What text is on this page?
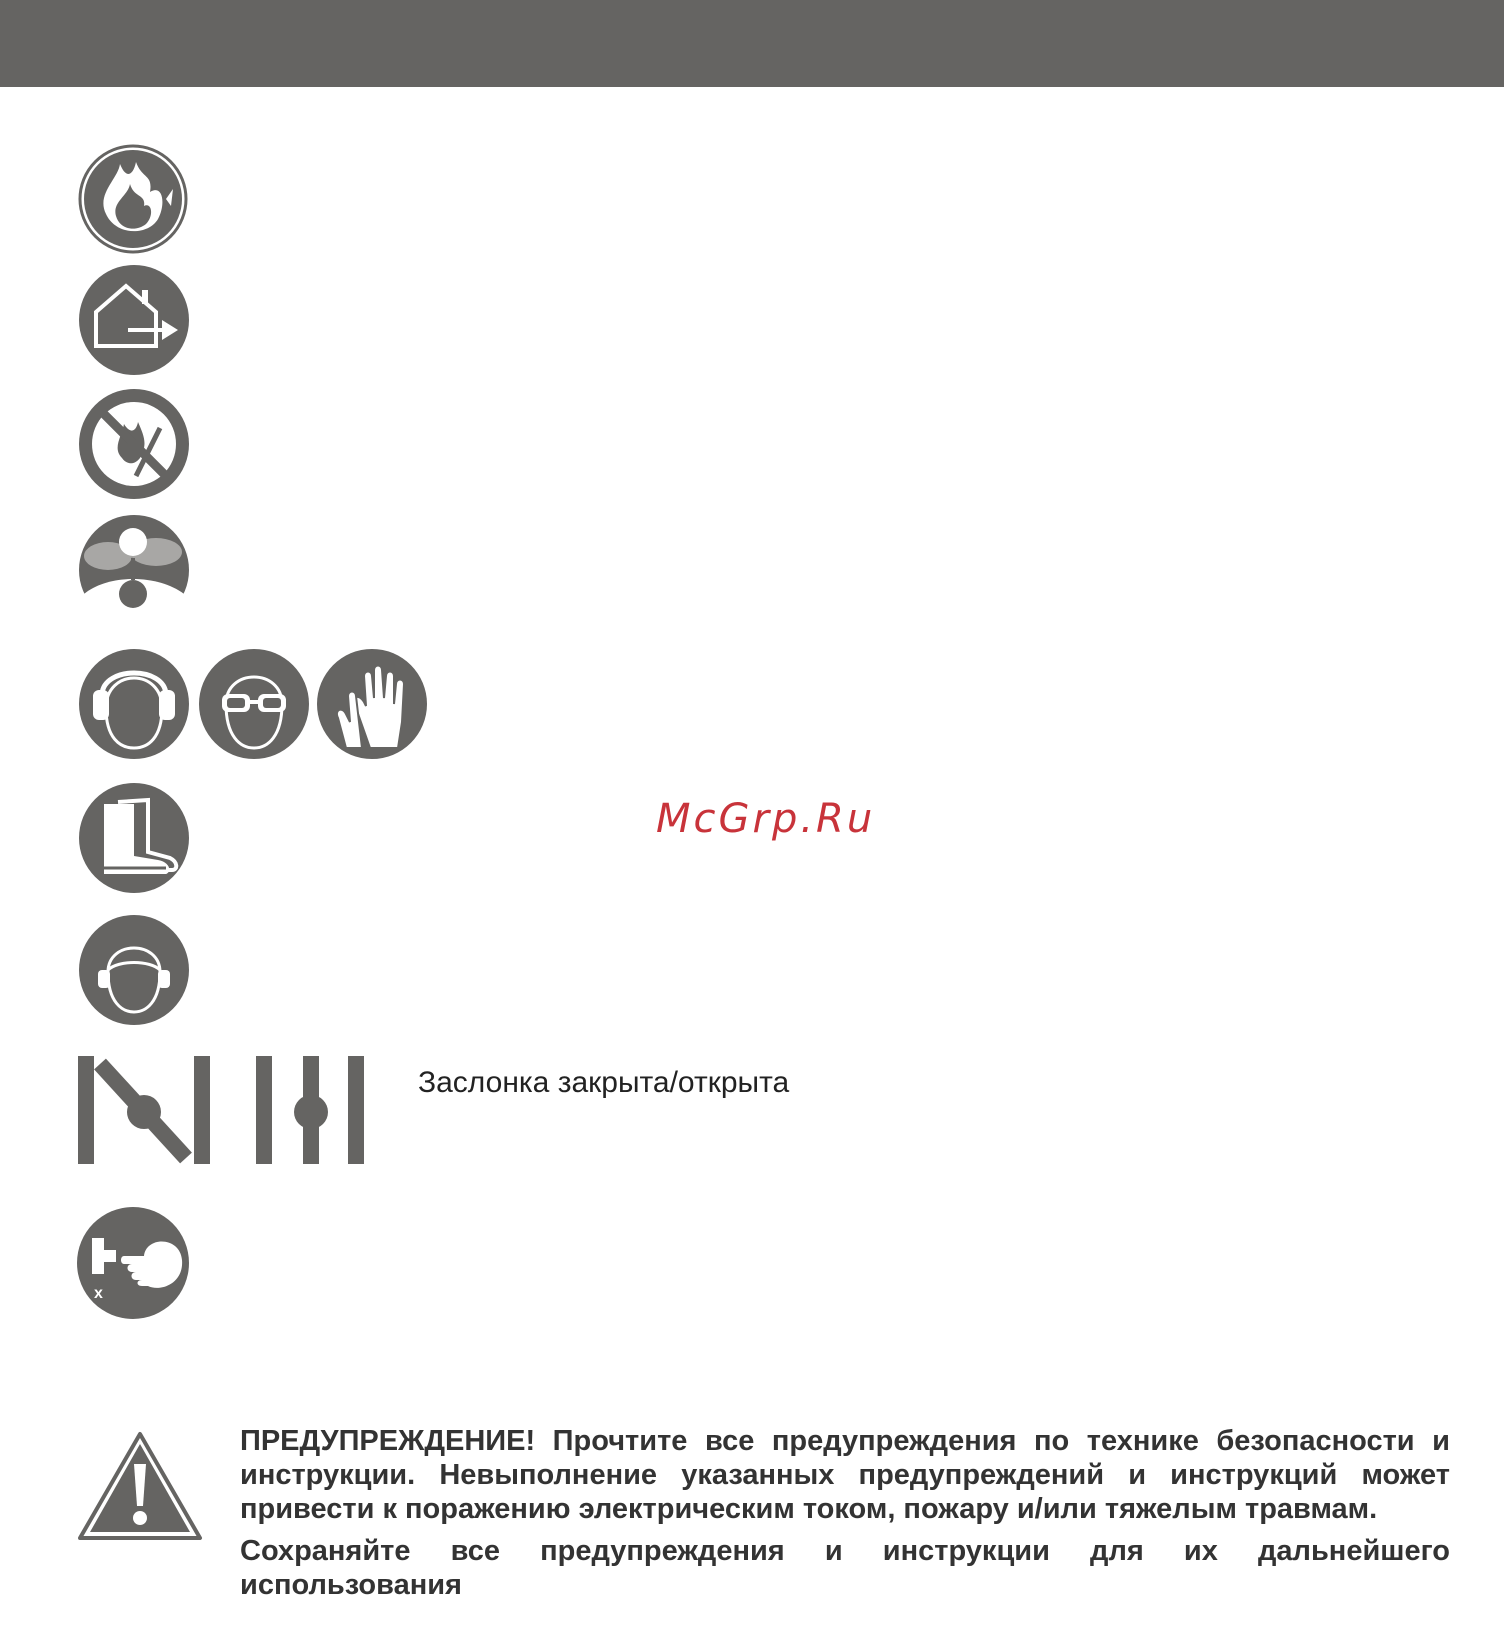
Заслонка закрыта/открыта
McGrp.Ru
x

ПРЕДУПРЕЖДЕНИЕ! Прочтите все предупреждения по технике безопасности и инструкции. Невыполнение указанных предупреждений и инструкций может привести к поражению электрическим током, пожару и/или тяжелым травмам.

Сохраняйте все предупреждения и инструкции для их дальнейшего использования
